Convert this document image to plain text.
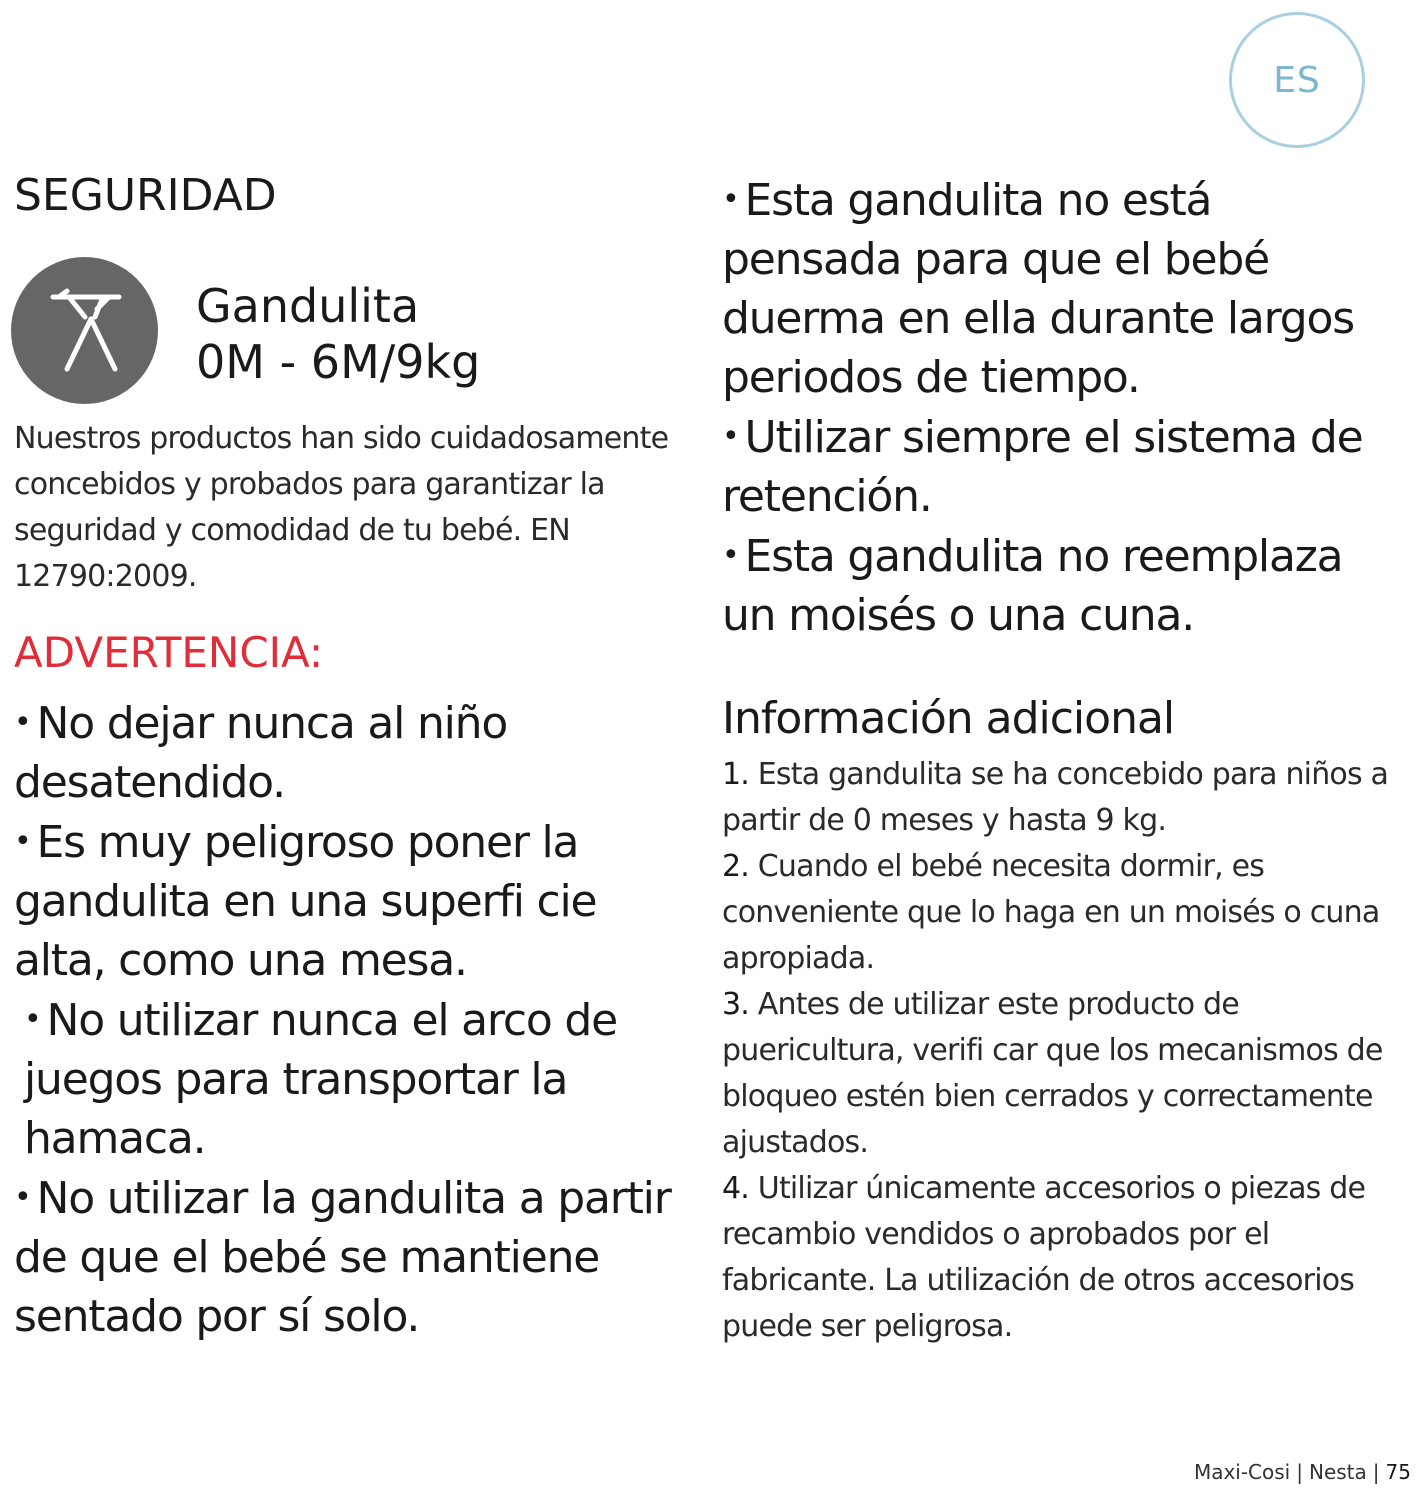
ES
SEGURIDAD
Gandulita
0M - 6M/9kg

Nuestros productos han sido cuidadosamente concebidos y probados para garantizar la seguridad y comodidad de tu bebé. EN 12790:2009.

ADVERTENCIA:

• No dejar nunca al niño desatendido.

• Es muy peligroso poner la gandulita en una superfi cie alta, como una mesa.

• No utilizar nunca el arco de juegos para transportar la hamaca.

• No utilizar la gandulita a partir de que el bebé se mantiene sentado por sí solo.

• Esta gandulita no está pensada para que el bebé duerma en ella durante largos periodos de tiempo.

• Utilizar siempre el sistema de retención.

• Esta gandulita no reemplaza un moisés o una cuna.

Información adicional

1. Esta gandulita se ha concebido para niños a partir de 0 meses y hasta 9 kg.

2. Cuando el bebé necesita dormir, es conveniente que lo haga en un moisés o cuna apropiada.

3. Antes de utilizar este producto de puericultura, verifi car que los mecanismos de bloqueo estén bien cerrados y correctamente ajustados.

4. Utilizar únicamente accesorios o piezas de recambio vendidos o aprobados por el fabricante. La utilización de otros accesorios puede ser peligrosa.

Maxi-Cosi | Nesta | 75
